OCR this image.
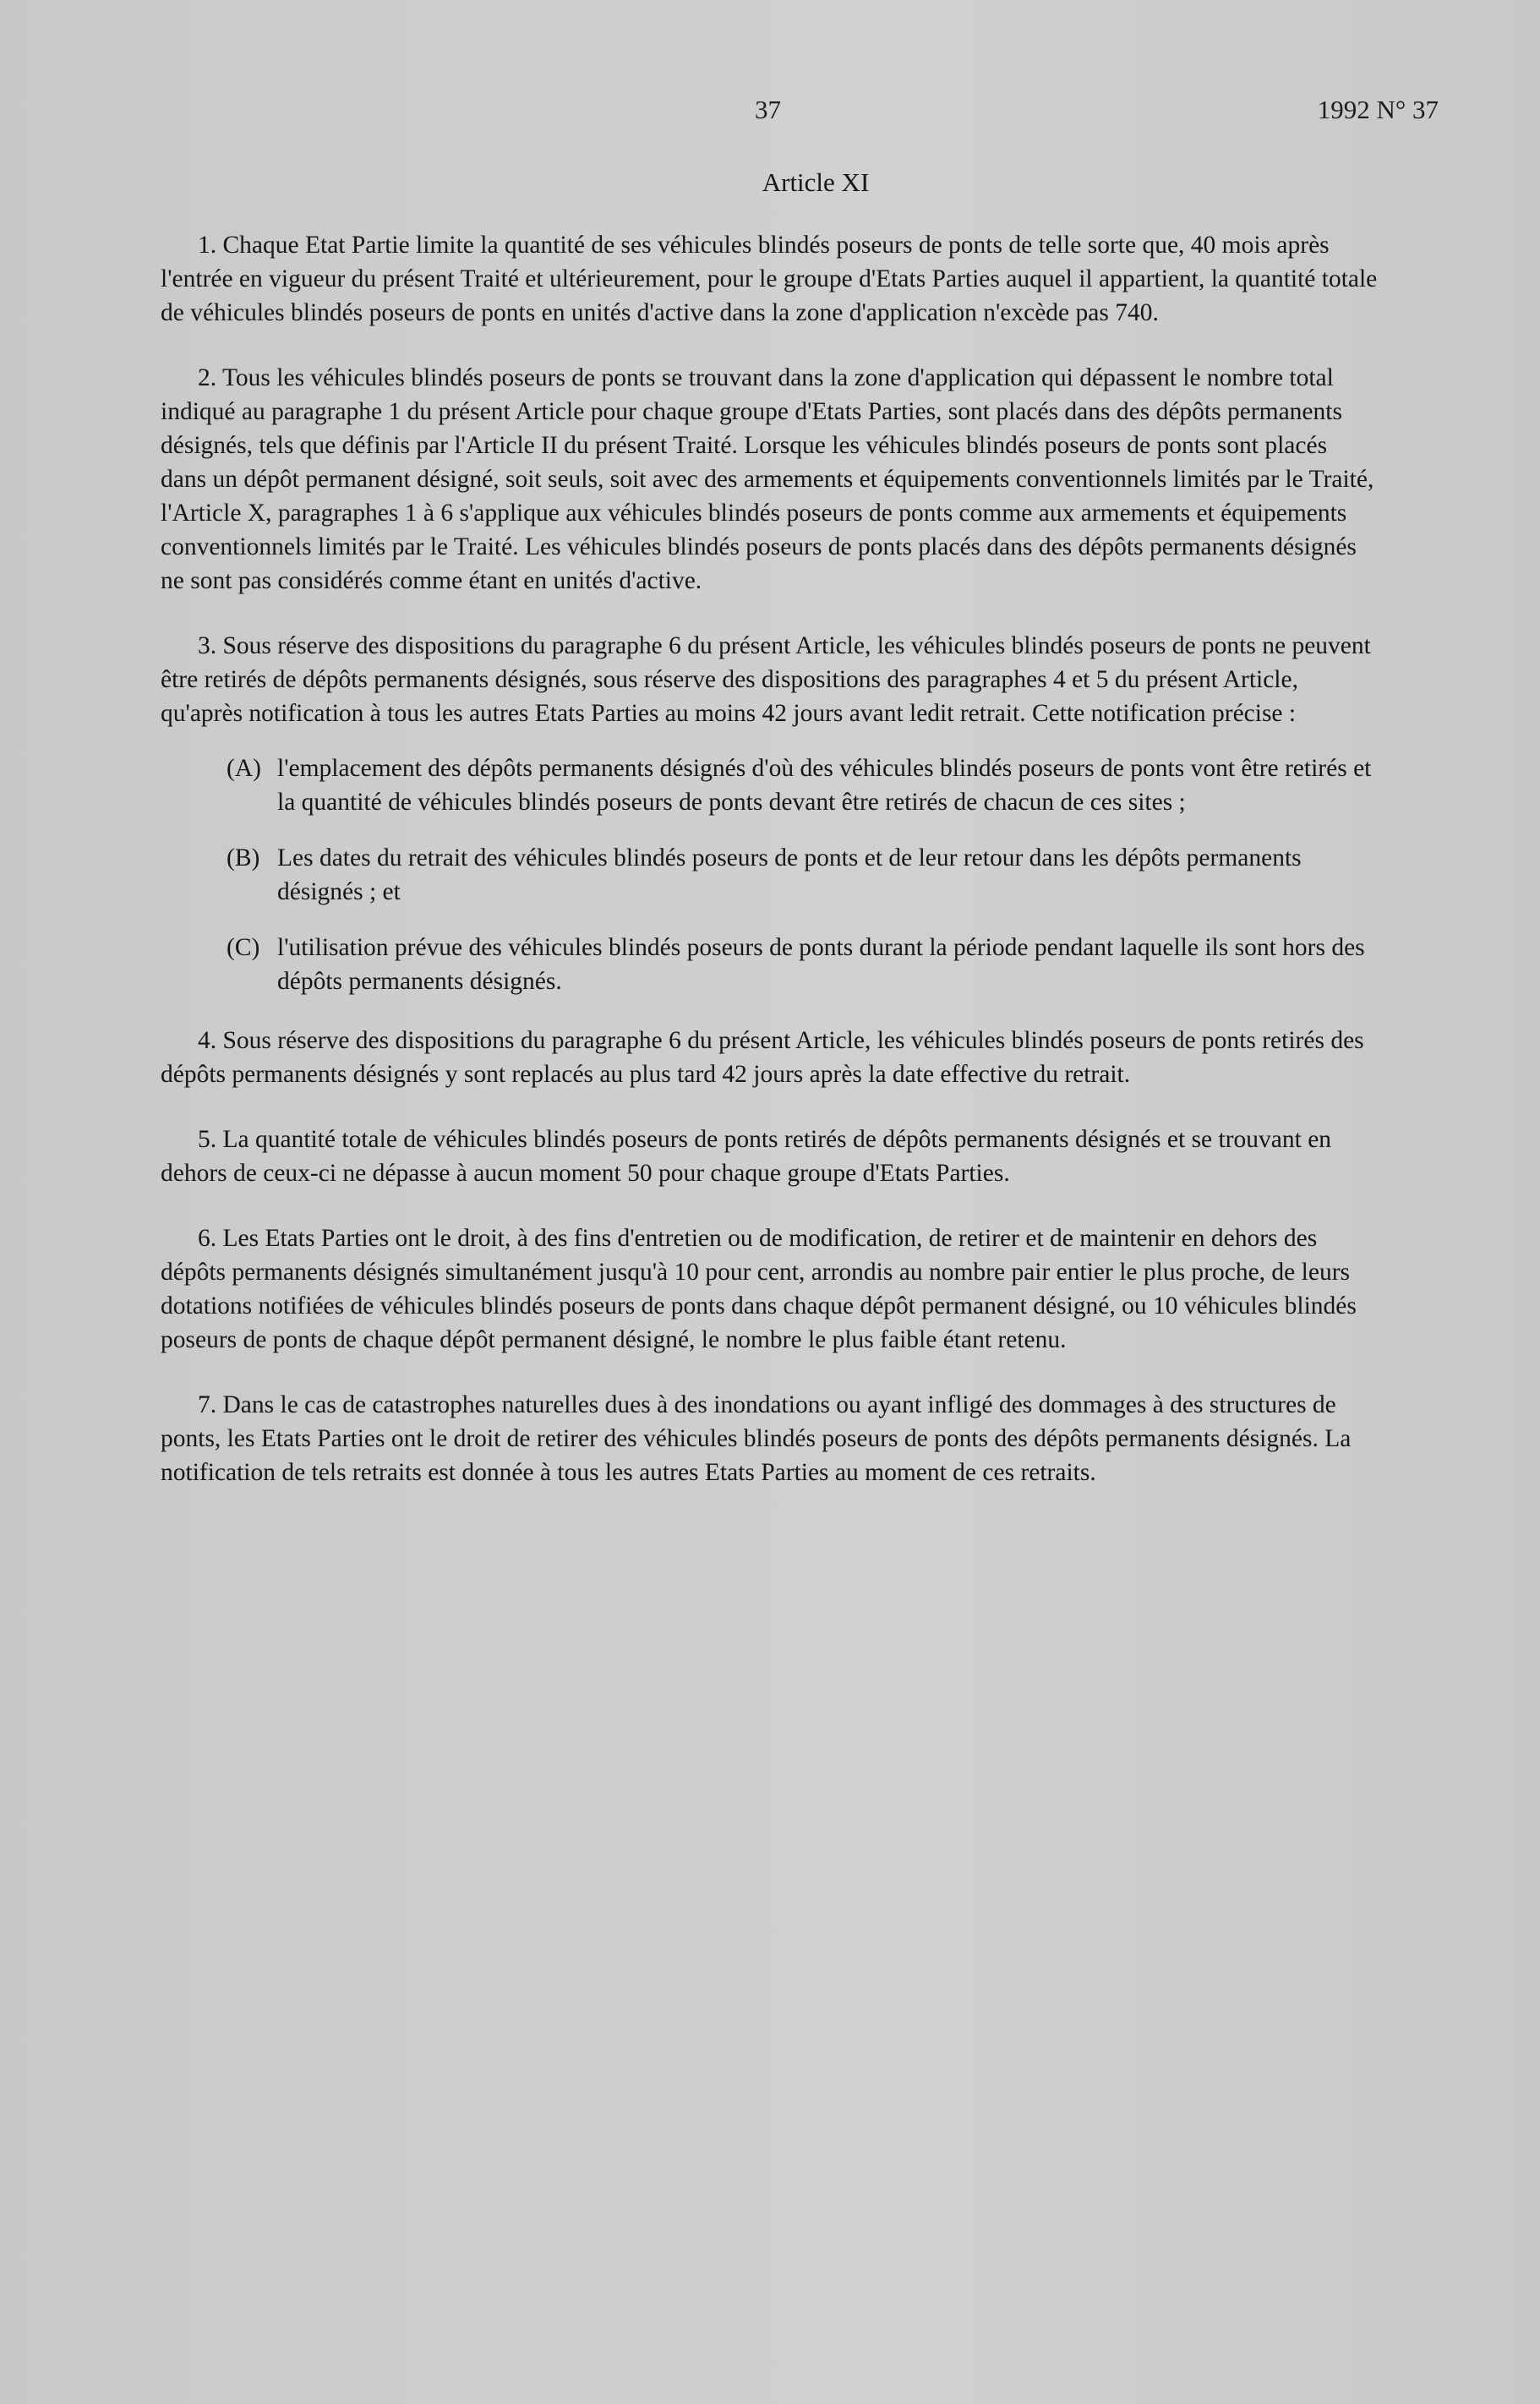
37	1992 N° 37
Article XI

1. Chaque Etat Partie limite la quantité de ses véhicules blindés poseurs de ponts de telle sorte que, 40 mois après l'entrée en vigueur du présent Traité et ultérieurement, pour le groupe d'Etats Parties auquel il appartient, la quantité totale de véhicules blindés poseurs de ponts en unités d'active dans la zone d'application n'excède pas 740.

2. Tous les véhicules blindés poseurs de ponts se trouvant dans la zone d'application qui dépassent le nombre total indiqué au paragraphe 1 du présent Article pour chaque groupe d'Etats Parties, sont placés dans des dépôts permanents désignés, tels que définis par l'Article II du présent Traité. Lorsque les véhicules blindés poseurs de ponts sont placés dans un dépôt permanent désigné, soit seuls, soit avec des armements et équipements conventionnels limités par le Traité, l'Article X, paragraphes 1 à 6 s'applique aux véhicules blindés poseurs de ponts comme aux armements et équipements conventionnels limités par le Traité. Les véhicules blindés poseurs de ponts placés dans des dépôts permanents désignés ne sont pas considérés comme étant en unités d'active.

3. Sous réserve des dispositions du paragraphe 6 du présent Article, les véhicules blindés poseurs de ponts ne peuvent être retirés de dépôts permanents désignés, sous réserve des dispositions des paragraphes 4 et 5 du présent Article, qu'après notification à tous les autres Etats Parties au moins 42 jours avant ledit retrait. Cette notification précise :

(A) l'emplacement des dépôts permanents désignés d'où des véhicules blindés poseurs de ponts vont être retirés et la quantité de véhicules blindés poseurs de ponts devant être retirés de chacun de ces sites ;
(B) Les dates du retrait des véhicules blindés poseurs de ponts et de leur retour dans les dépôts permanents désignés ; et
(C) l'utilisation prévue des véhicules blindés poseurs de ponts durant la période pendant laquelle ils sont hors des dépôts permanents désignés.

4. Sous réserve des dispositions du paragraphe 6 du présent Article, les véhicules blindés poseurs de ponts retirés des dépôts permanents désignés y sont replacés au plus tard 42 jours après la date effective du retrait.

5. La quantité totale de véhicules blindés poseurs de ponts retirés de dépôts permanents désignés et se trouvant en dehors de ceux-ci ne dépasse à aucun moment 50 pour chaque groupe d'Etats Parties.

6. Les Etats Parties ont le droit, à des fins d'entretien ou de modification, de retirer et de maintenir en dehors des dépôts permanents désignés simultanément jusqu'à 10 pour cent, arrondis au nombre pair entier le plus proche, de leurs dotations notifiées de véhicules blindés poseurs de ponts dans chaque dépôt permanent désigné, ou 10 véhicules blindés poseurs de ponts de chaque dépôt permanent désigné, le nombre le plus faible étant retenu.

7. Dans le cas de catastrophes naturelles dues à des inondations ou ayant infligé des dommages à des structures de ponts, les Etats Parties ont le droit de retirer des véhicules blindés poseurs de ponts des dépôts permanents désignés. La notification de tels retraits est donnée à tous les autres Etats Parties au moment de ces retraits.
